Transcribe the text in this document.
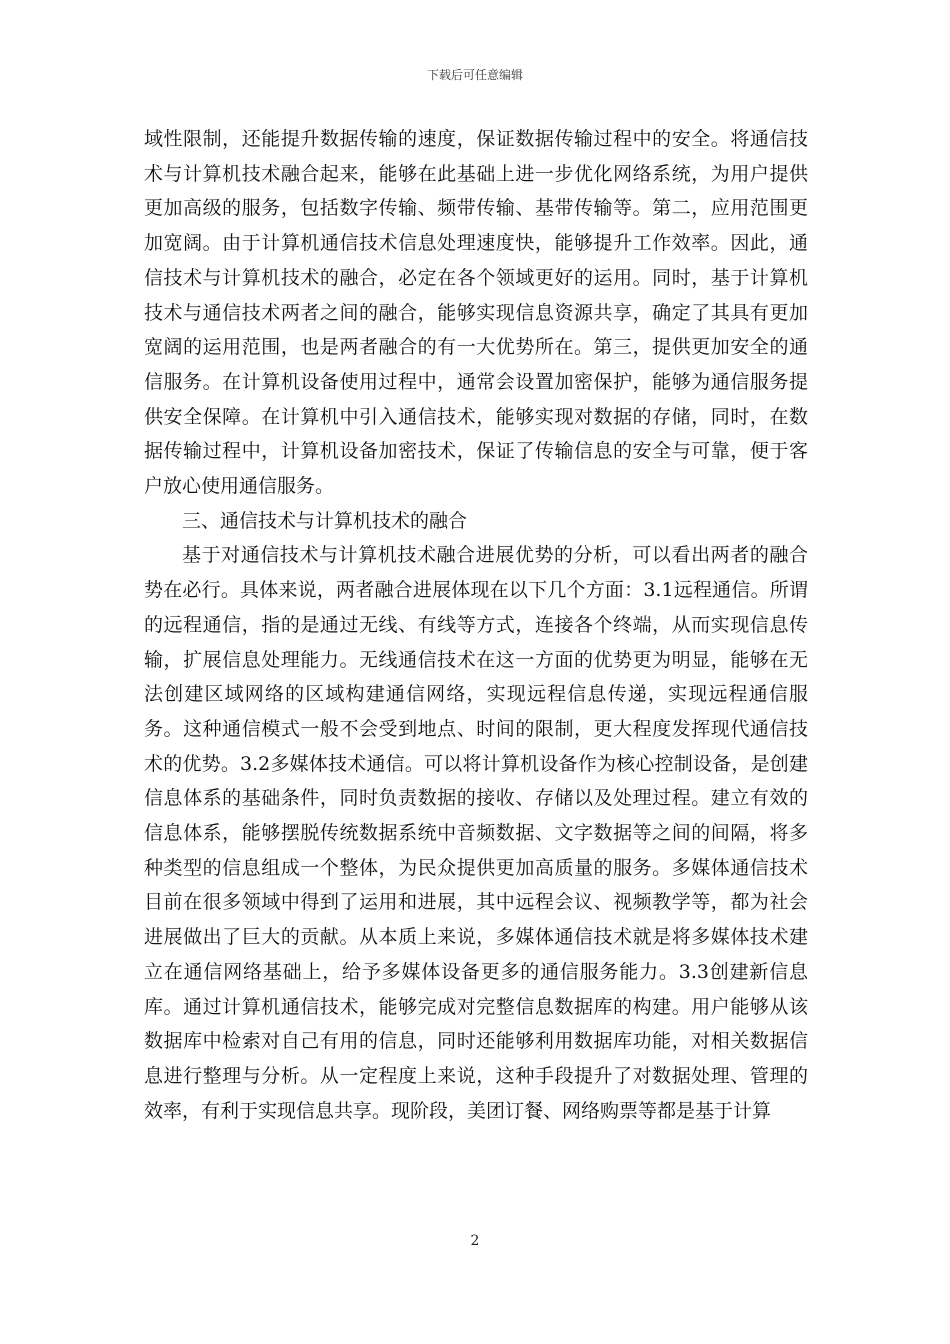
下载后可任意编辑

域性限制，还能提升数据传输的速度，保证数据传输过程中的安全。将通信技术与计算机技术融合起来，能够在此基础上进一步优化网络系统，为用户提供更加高级的服务，包括数字传输、频带传输、基带传输等。第二，应用范围更加宽阔。由于计算机通信技术信息处理速度快，能够提升工作效率。因此，通信技术与计算机技术的融合，必定在各个领域更好的运用。同时，基于计算机技术与通信技术两者之间的融合，能够实现信息资源共享，确定了其具有更加宽阔的运用范围，也是两者融合的有一大优势所在。第三，提供更加安全的通信服务。在计算机设备使用过程中，通常会设置加密保护，能够为通信服务提供安全保障。在计算机中引入通信技术，能够实现对数据的存储，同时，在数据传输过程中，计算机设备加密技术，保证了传输信息的安全与可靠，便于客户放心使用通信服务。

三、通信技术与计算机技术的融合

基于对通信技术与计算机技术融合进展优势的分析，可以看出两者的融合势在必行。具体来说，两者融合进展体现在以下几个方面：3.1远程通信。所谓的远程通信，指的是通过无线、有线等方式，连接各个终端，从而实现信息传输，扩展信息处理能力。无线通信技术在这一方面的优势更为明显，能够在无法创建区域网络的区域构建通信网络，实现远程信息传递，实现远程通信服务。这种通信模式一般不会受到地点、时间的限制，更大程度发挥现代通信技术的优势。3.2多媒体技术通信。可以将计算机设备作为核心控制设备，是创建信息体系的基础条件，同时负责数据的接收、存储以及处理过程。建立有效的信息体系，能够摆脱传统数据系统中音频数据、文字数据等之间的间隔，将多种类型的信息组成一个整体，为民众提供更加高质量的服务。多媒体通信技术目前在很多领域中得到了运用和进展，其中远程会议、视频教学等，都为社会进展做出了巨大的贡献。从本质上来说，多媒体通信技术就是将多媒体技术建立在通信网络基础上，给予多媒体设备更多的通信服务能力。3.3创建新信息库。通过计算机通信技术，能够完成对完整信息数据库的构建。用户能够从该数据库中检索对自己有用的信息，同时还能够利用数据库功能，对相关数据信息进行整理与分析。从一定程度上来说，这种手段提升了对数据处理、管理的效率，有利于实现信息共享。现阶段，美团订餐、网络购票等都是基于计算

2
